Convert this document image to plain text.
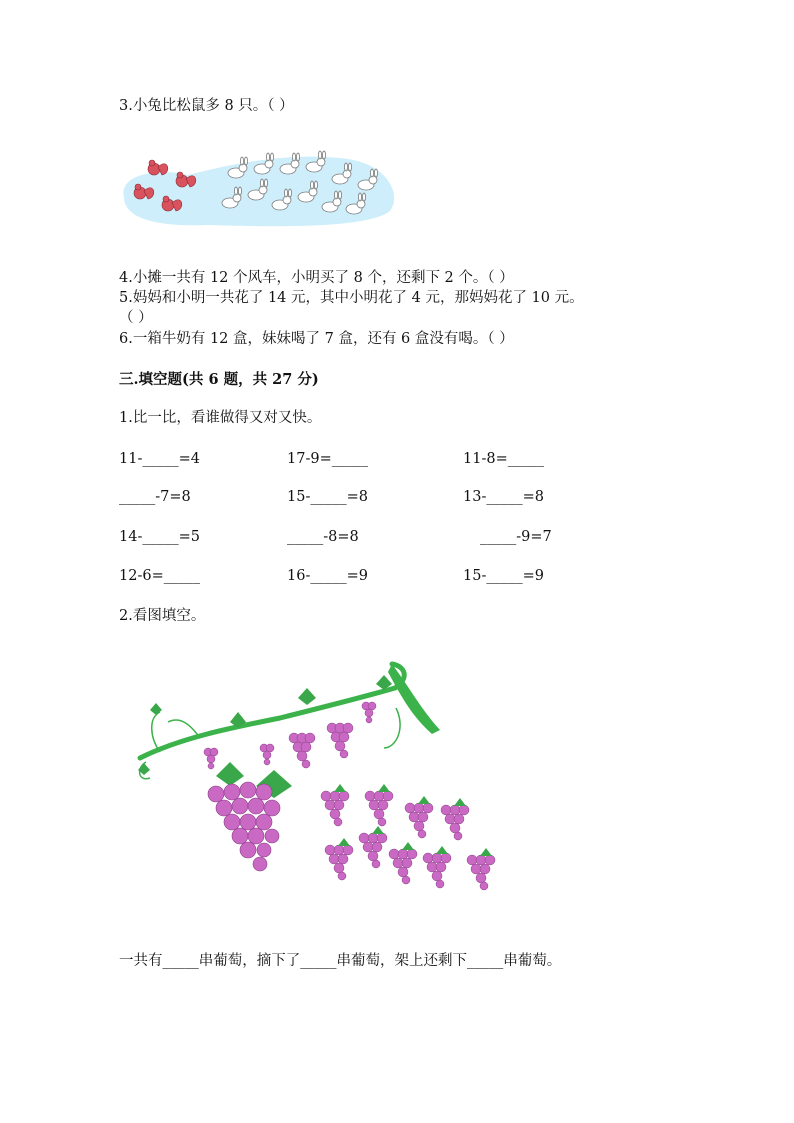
3.小兔比松鼠多 8 只。（ ）
4.小摊一共有 12 个风车，小明买了 8 个，还剩下 2 个。（ ）
5.妈妈和小明一共花了 14 元，其中小明花了 4 元，那妈妈花了 10 元。
（ ）
6.一箱牛奶有 12 盒，妹妹喝了 7 盒，还有 6 盒没有喝。（ ）
三.填空题(共 6 题，共 27 分)
1.比一比，看谁做得又对又快。
11-_____=4	17-9=_____	11-8=_____
_____-7=8	15-_____=8	13-_____=8
14-_____=5	_____-8=8	_____-9=7
12-6=_____	16-_____=9	15-_____=9
2.看图填空。
一共有_____串葡萄，摘下了_____串葡萄，架上还剩下_____串葡萄。
